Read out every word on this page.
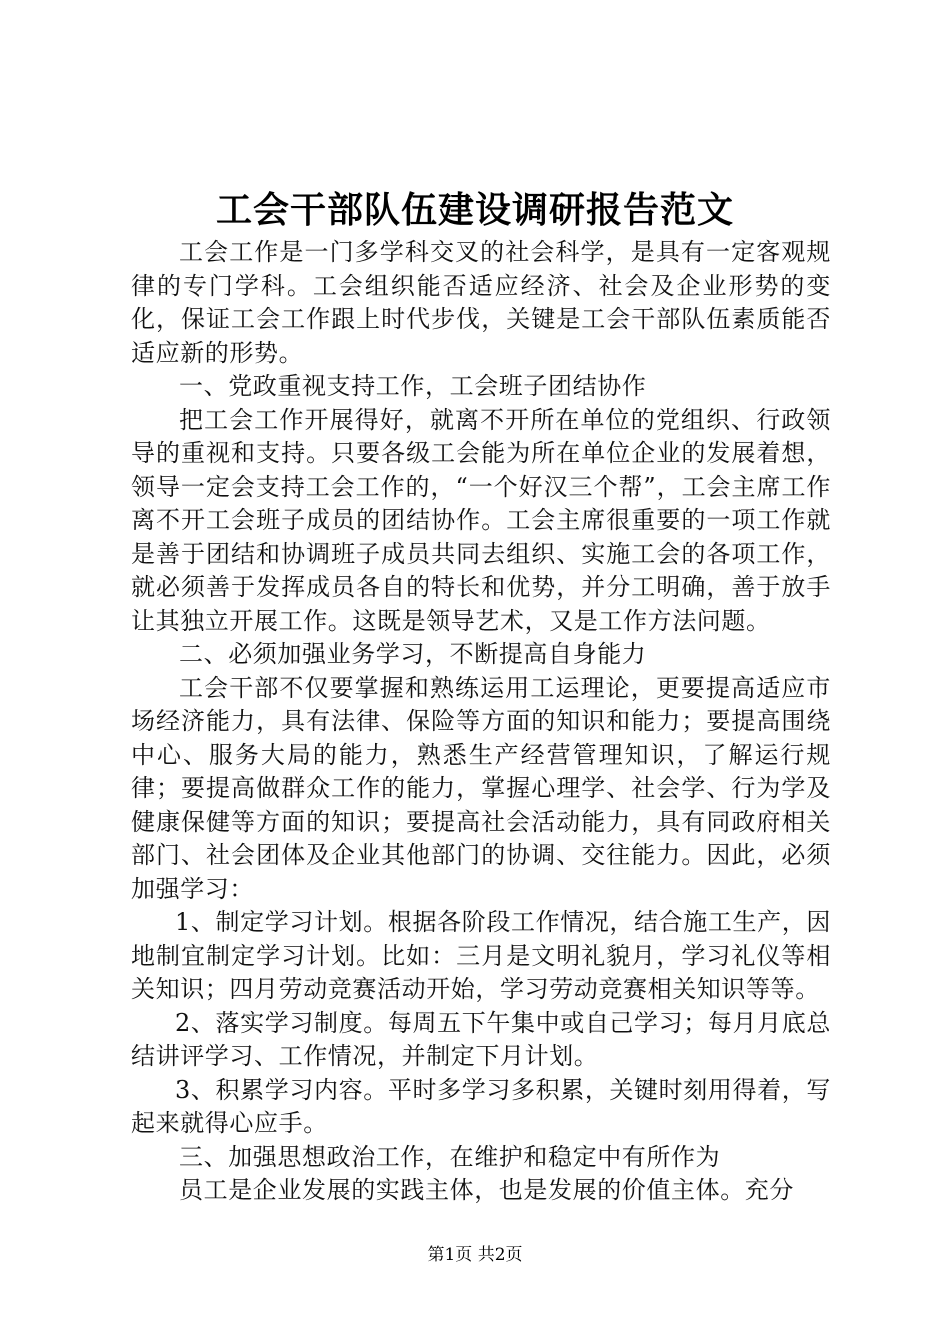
工会干部队伍建设调研报告范文

工会工作是一门多学科交叉的社会科学，是具有一定客观规律的专门学科。工会组织能否适应经济、社会及企业形势的变化，保证工会工作跟上时代步伐，关键是工会干部队伍素质能否适应新的形势。

一、党政重视支持工作，工会班子团结协作

把工会工作开展得好，就离不开所在单位的党组织、行政领导的重视和支持。只要各级工会能为所在单位企业的发展着想，领导一定会支持工会工作的，“一个好汉三个帮”，工会主席工作离不开工会班子成员的团结协作。工会主席很重要的一项工作就是善于团结和协调班子成员共同去组织、实施工会的各项工作，就必须善于发挥成员各自的特长和优势，并分工明确，善于放手让其独立开展工作。这既是领导艺术，又是工作方法问题。

二、必须加强业务学习，不断提高自身能力

工会干部不仅要掌握和熟练运用工运理论，更要提高适应市场经济能力，具有法律、保险等方面的知识和能力；要提高围绕中心、服务大局的能力，熟悉生产经营管理知识，了解运行规律；要提高做群众工作的能力，掌握心理学、社会学、行为学及健康保健等方面的知识；要提高社会活动能力，具有同政府相关部门、社会团体及企业其他部门的协调、交往能力。因此，必须加强学习：

1、制定学习计划。根据各阶段工作情况，结合施工生产，因地制宜制定学习计划。比如：三月是文明礼貌月，学习礼仪等相关知识；四月劳动竞赛活动开始，学习劳动竞赛相关知识等等。

2、落实学习制度。每周五下午集中或自己学习；每月月底总结讲评学习、工作情况，并制定下月计划。

3、积累学习内容。平时多学习多积累，关键时刻用得着，写起来就得心应手。

三、加强思想政治工作，在维护和稳定中有所作为

员工是企业发展的实践主体，也是发展的价值主体。充分

第1页 共2页
